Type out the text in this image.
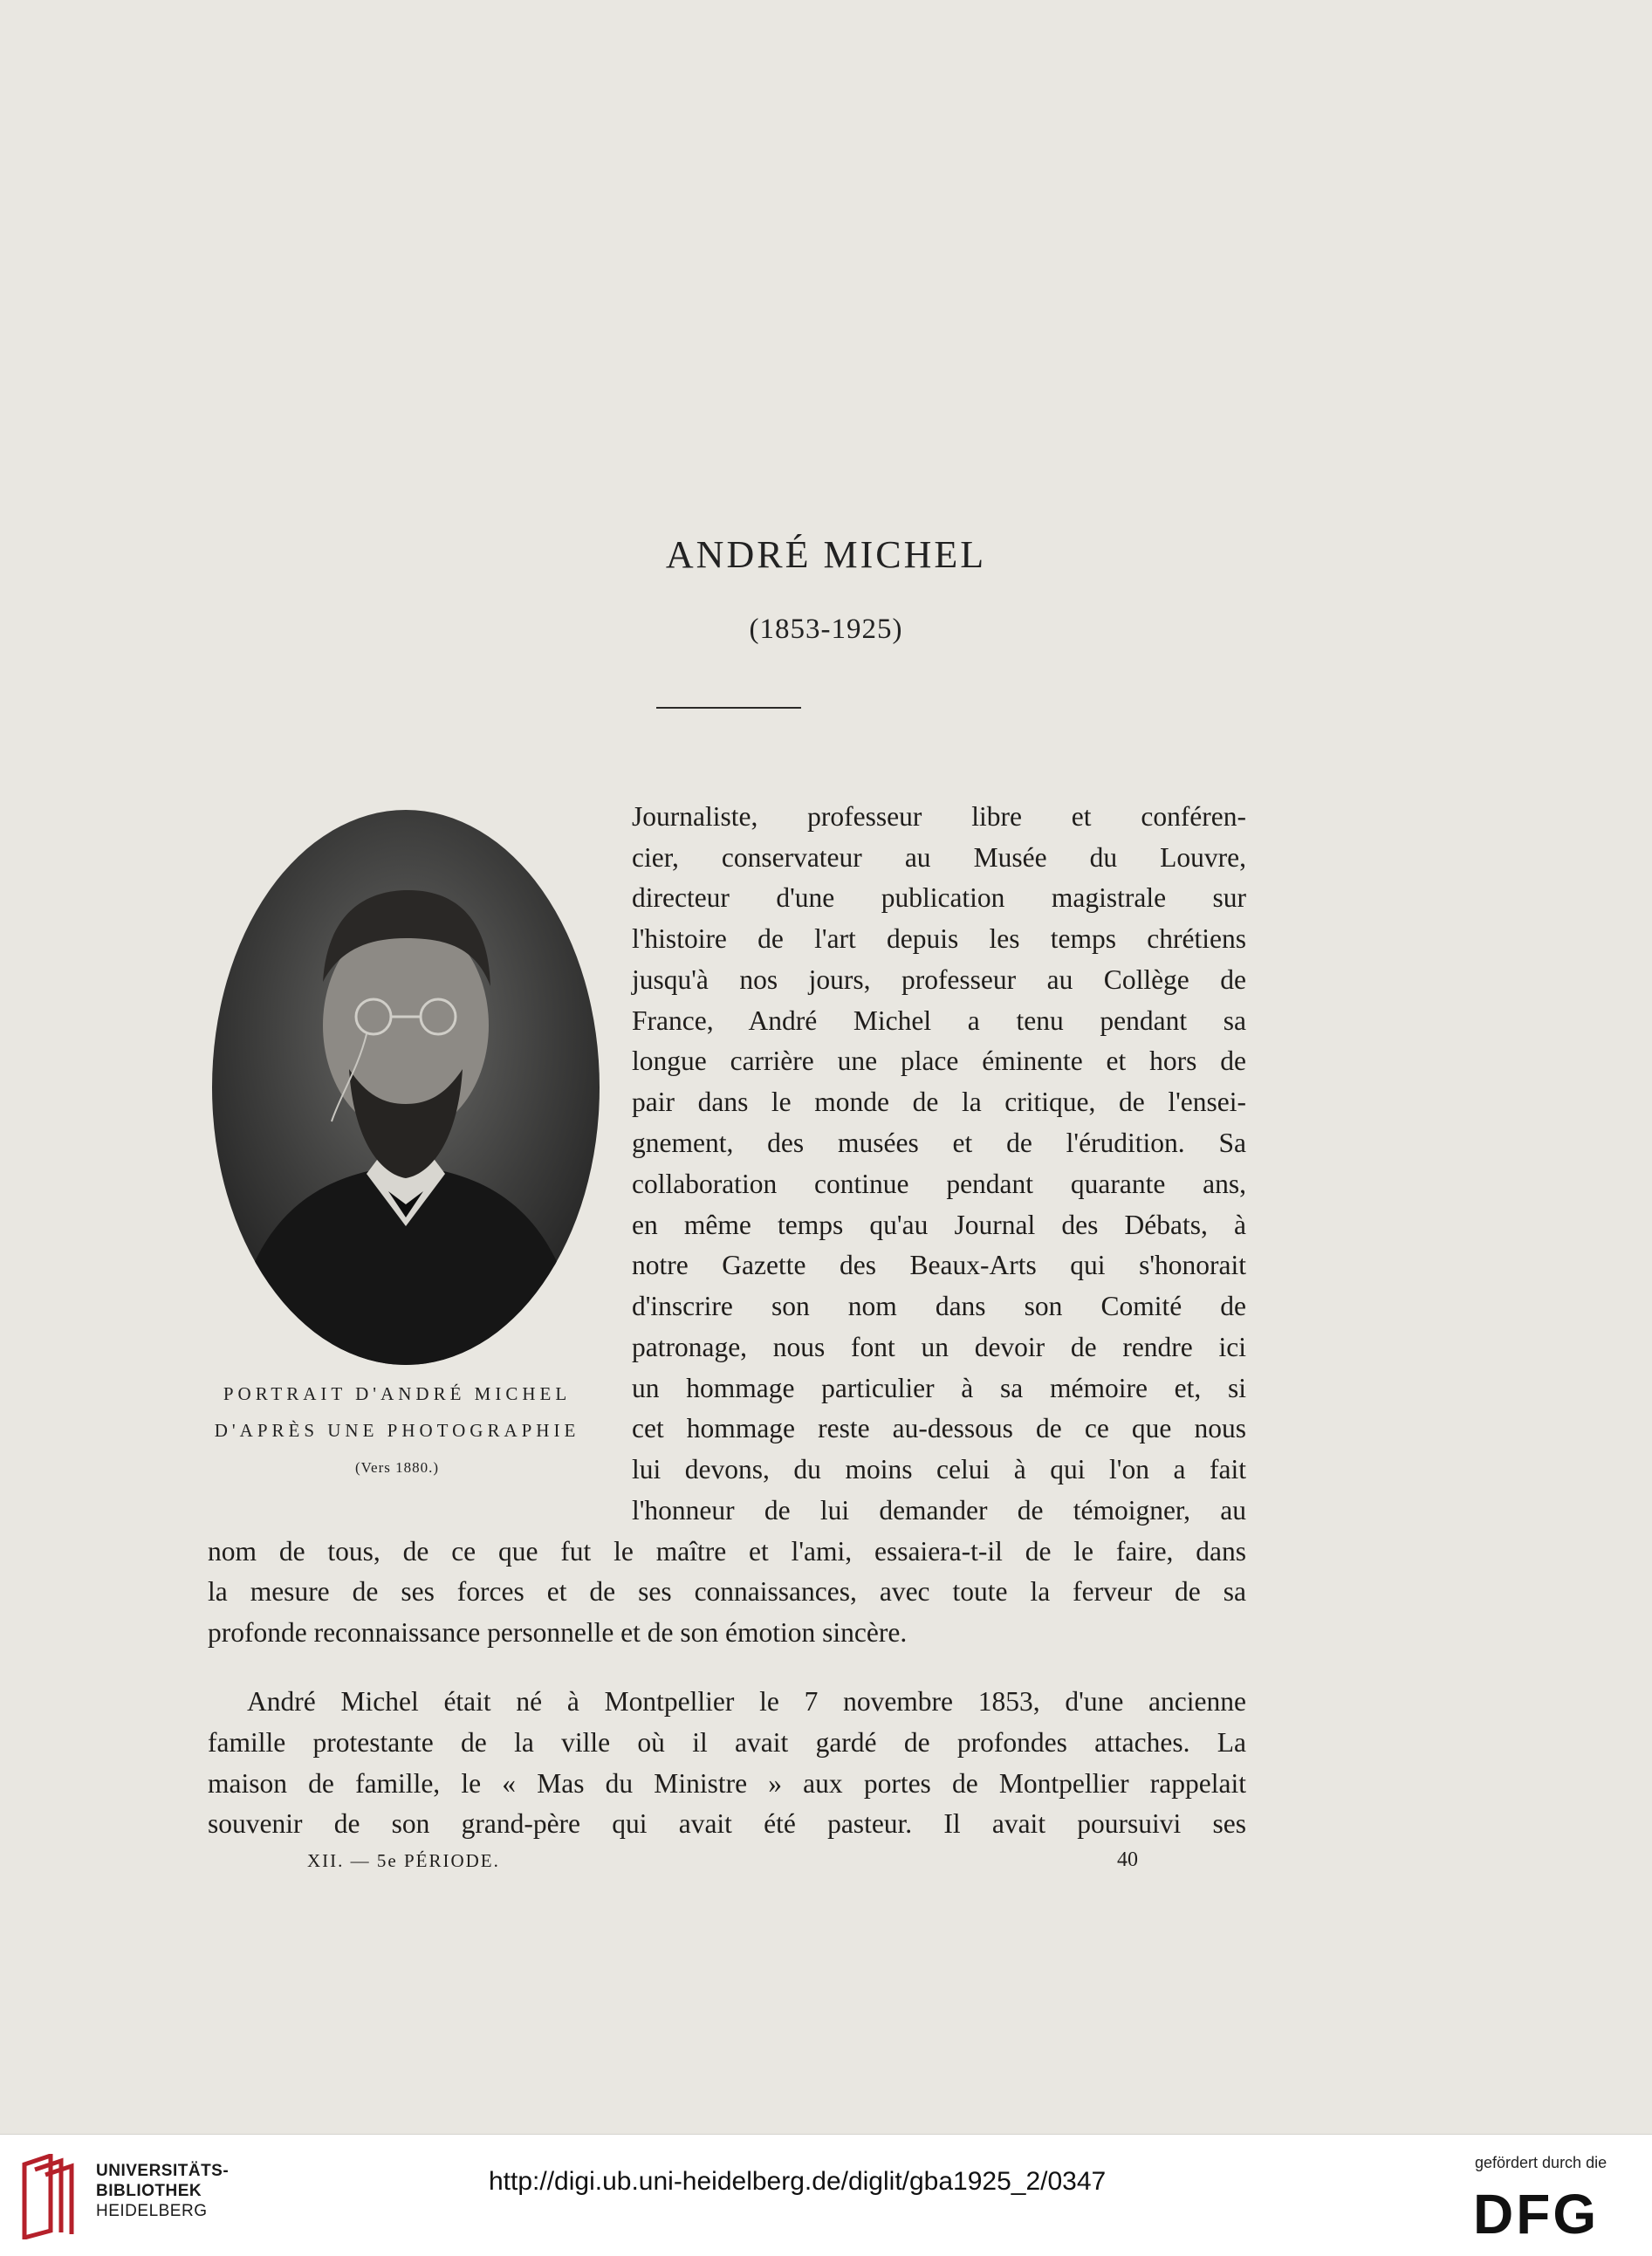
ANDRÉ MICHEL
(1853-1925)
PORTRAIT D'ANDRÉ MICHEL
D'APRÈS UNE PHOTOGRAPHIE
(Vers 1880.)
Journaliste, professeur libre et conféren-
cier, conservateur au Musée du Louvre,
directeur d'une publication magistrale sur
l'histoire de l'art depuis les temps chrétiens
jusqu'à nos jours, professeur au Collège de
France, André Michel a tenu pendant sa
longue carrière une place éminente et hors de
pair dans le monde de la critique, de l'ensei-
gnement, des musées et de l'érudition. Sa
collaboration continue pendant quarante ans,
en même temps qu'au Journal des Débats, à
notre Gazette des Beaux-Arts qui s'honorait
d'inscrire son nom dans son Comité de
patronage, nous font un devoir de rendre ici
un hommage particulier à sa mémoire et, si
cet hommage reste au-dessous de ce que nous
lui devons, du moins celui à qui l'on a fait
l'honneur de lui demander de témoigner, au
nom de tous, de ce que fut le maître et l'ami, essaiera-t-il de le faire, dans
la mesure de ses forces et de ses connaissances, avec toute la ferveur de sa
profonde reconnaissance personnelle et de son émotion sincère.
André Michel était né à Montpellier le 7 novembre 1853, d'une ancienne
famille protestante de la ville où il avait gardé de profondes attaches. La
maison de famille, le « Mas du Ministre » aux portes de Montpellier rappelait
souvenir de son grand-père qui avait été pasteur. Il avait poursuivi ses
XII. — 5e PÉRIODE.	40
UNIVERSITÄTS-
BIBLIOTHEK
HEIDELBERG
http://digi.ub.uni-heidelberg.de/diglit/gba1925_2/0347
gefördert durch die
DFG
